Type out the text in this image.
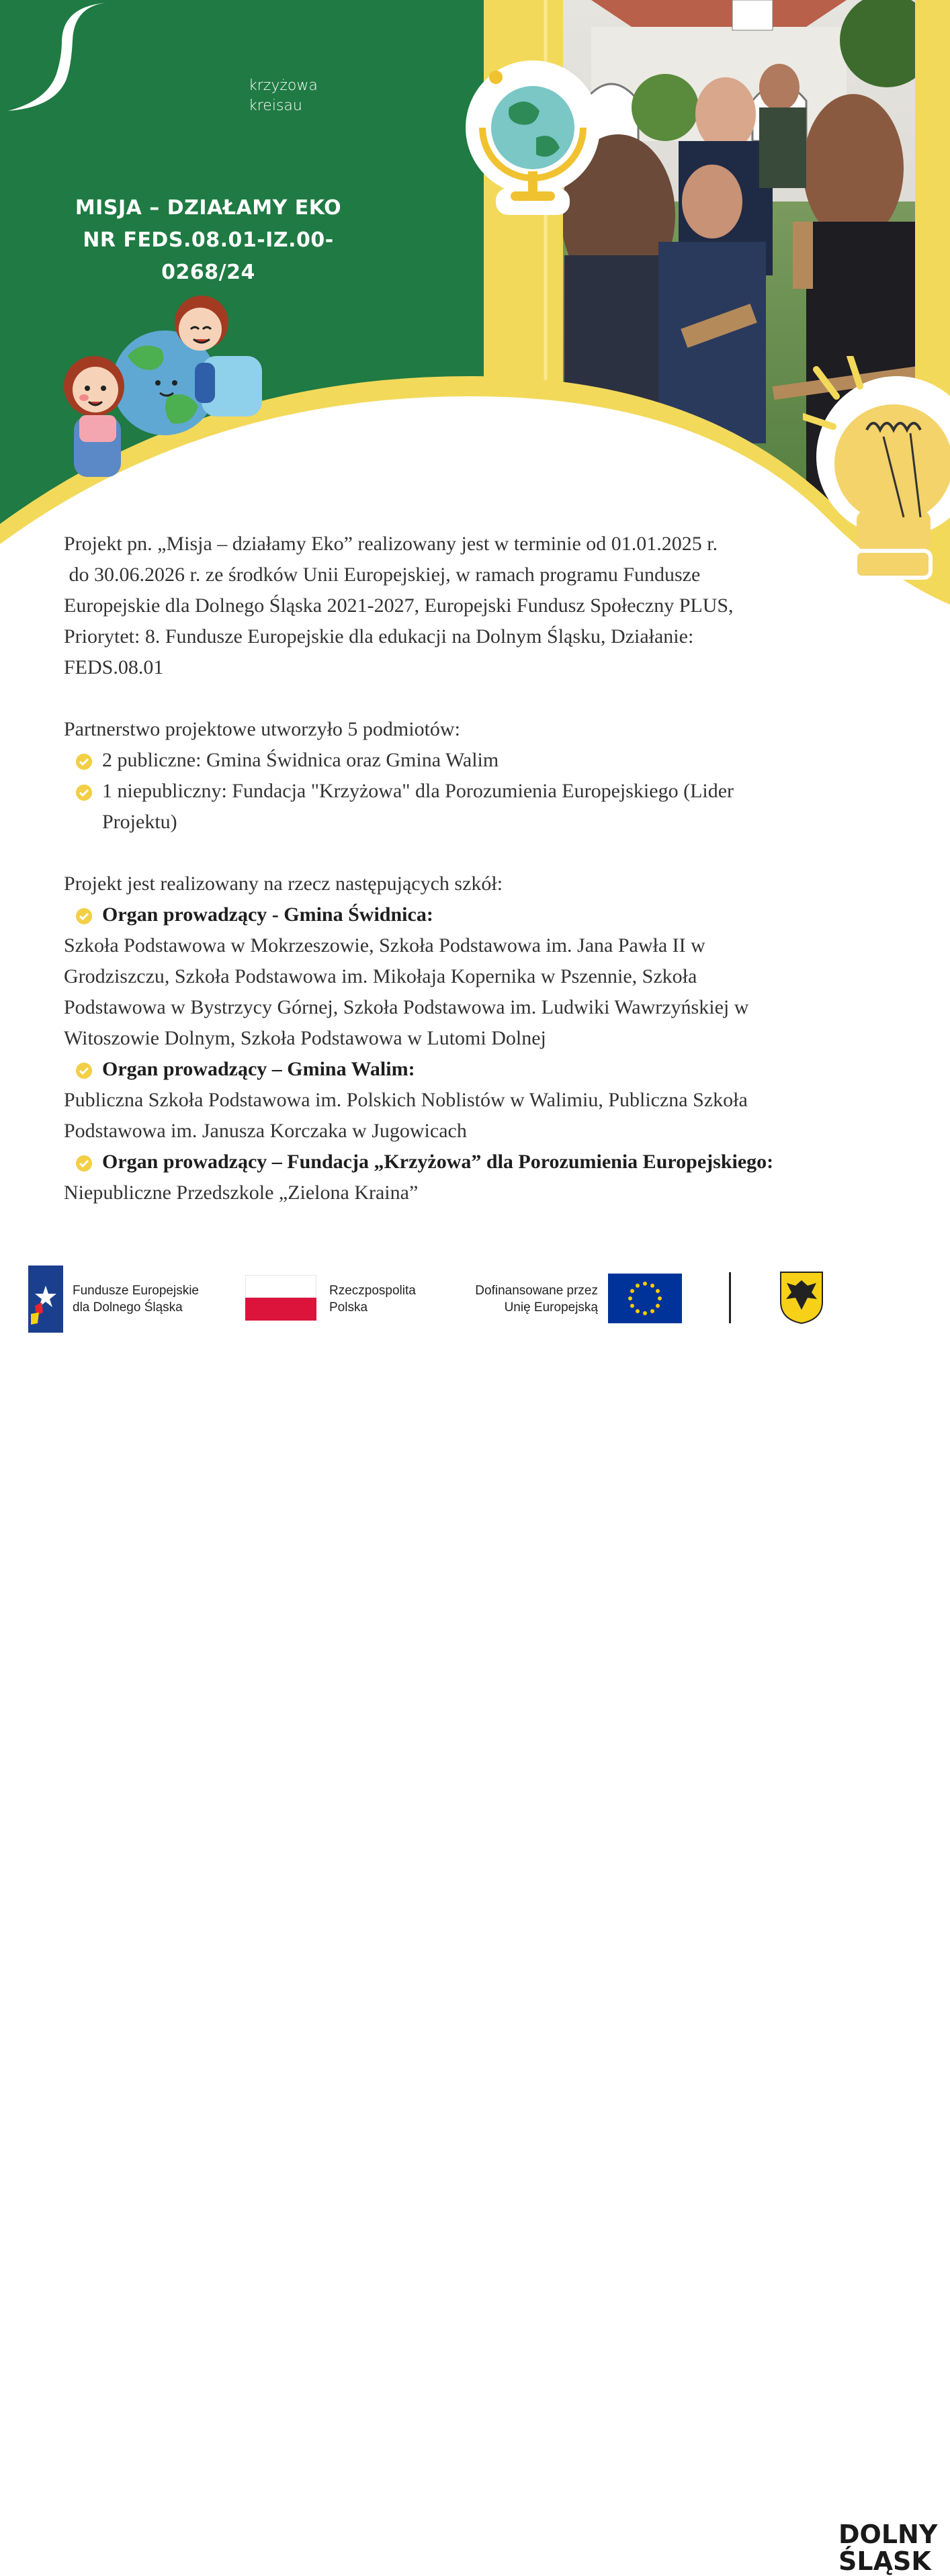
krzyżowa
kreisau
MISJA – DZIAŁAMY EKO
NR FEDS.08.01-IZ.00-0268/24

Projekt pn. „Misja – działamy Eko” realizowany jest w terminie od 01.01.2025 r.

do 30.06.2026 r. ze środków Unii Europejskiej, w ramach programu Fundusze

Europejskie dla Dolnego Śląska 2021-2027, Europejski Fundusz Społeczny PLUS,

Priorytet: 8. Fundusze Europejskie dla edukacji na Dolnym Śląsku, Działanie:

FEDS.08.01

Partnerstwo projektowe utworzyło 5 podmiotów:

2 publiczne: Gmina Świdnica oraz Gmina Walim
1 niepubliczny: Fundacja "Krzyżowa" dla Porozumienia Europejskiego (Lider
Projektu)

Projekt jest realizowany na rzecz następujących szkół:

Organ prowadzący - Gmina Świdnica:

Szkoła Podstawowa w Mokrzeszowie, Szkoła Podstawowa im. Jana Pawła II w

Grodziszczu, Szkoła Podstawowa im. Mikołaja Kopernika w Pszennie, Szkoła

Podstawowa w Bystrzycy Górnej, Szkoła Podstawowa im. Ludwiki Wawrzyńskiej w

Witoszowie Dolnym, Szkoła Podstawowa w Lutomi Dolnej

Organ prowadzący – Gmina Walim:

Publiczna Szkoła Podstawowa im. Polskich Noblistów w Walimiu, Publiczna Szkoła

Podstawowa im. Janusza Korczaka w Jugowicach

Organ prowadzący – Fundacja „Krzyżowa” dla Porozumienia Europejskiego:

Niepubliczne Przedszkole „Zielona Kraina”

Fundusze Europejskie
dla Dolnego Śląska
Rzeczpospolita
Polska
Dofinansowane przez
Unię Europejską
DOLNY
ŚLĄSK
